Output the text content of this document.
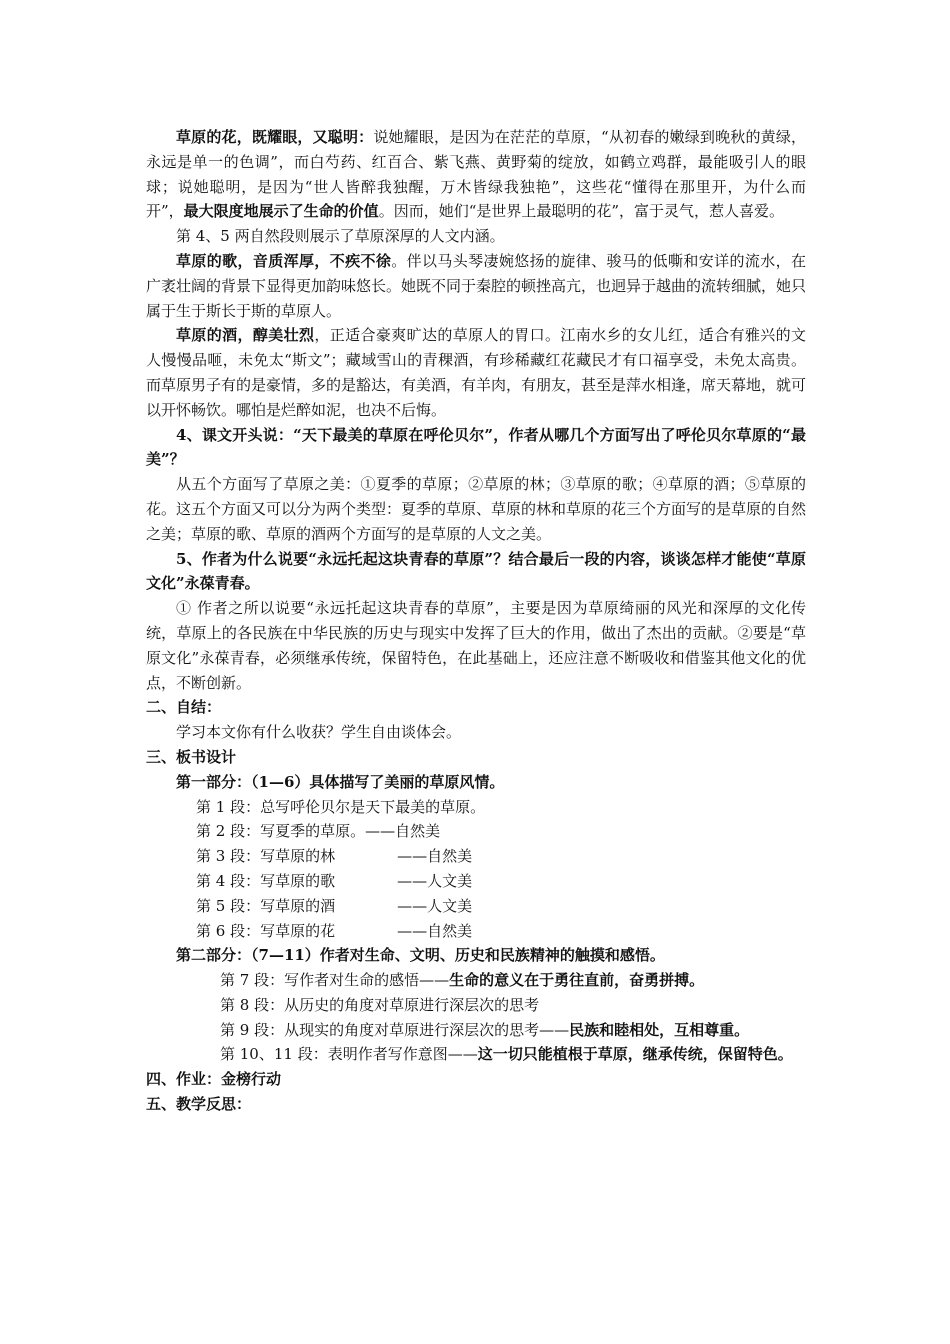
草原的花，既耀眼，又聪明：说她耀眼，是因为在茫茫的草原，“从初春的嫩绿到晚秋的黄绿，永远是单一的色调”，而白芍药、红百合、紫飞燕、黄野菊的绽放，如鹤立鸡群，最能吸引人的眼球；说她聪明，是因为“世人皆醉我独醒，万木皆绿我独艳”，这些花“懂得在那里开，为什么而开”，最大限度地展示了生命的价值。因而，她们“是世界上最聪明的花”，富于灵气，惹人喜爱。

第 4、5 两自然段则展示了草原深厚的人文内涵。

草原的歌，音质浑厚，不疾不徐。伴以马头琴凄婉悠扬的旋律、骏马的低嘶和安详的流水，在广袤壮阔的背景下显得更加韵味悠长。她既不同于秦腔的顿挫高亢，也迥异于越曲的流转细腻，她只属于生于斯长于斯的草原人。

草原的酒，醇美壮烈，正适合豪爽旷达的草原人的胃口。江南水乡的女儿红，适合有雅兴的文人慢慢品咂，未免太“斯文”；藏域雪山的青稞酒，有珍稀藏红花藏民才有口福享受，未免太高贵。而草原男子有的是豪情，多的是豁达，有美酒，有羊肉，有朋友，甚至是萍水相逢，席天幕地，就可以开怀畅饮。哪怕是烂醉如泥，也决不后悔。

4、课文开头说：“天下最美的草原在呼伦贝尔”，作者从哪几个方面写出了呼伦贝尔草原的“最美”？

从五个方面写了草原之美：①夏季的草原；②草原的林；③草原的歌；④草原的酒；⑤草原的花。这五个方面又可以分为两个类型：夏季的草原、草原的林和草原的花三个方面写的是草原的自然之美；草原的歌、草原的酒两个方面写的是草原的人文之美。

5、作者为什么说要“永远托起这块青春的草原”？结合最后一段的内容，谈谈怎样才能使“草原文化”永葆青春。

① 作者之所以说要“永远托起这块青春的草原”，主要是因为草原绮丽的风光和深厚的文化传统，草原上的各民族在中华民族的历史与现实中发挥了巨大的作用，做出了杰出的贡献。②要是“草原文化”永葆青春，必须继承传统，保留特色，在此基础上，还应注意不断吸收和借鉴其他文化的优点，不断创新。

二、自结：

学习本文你有什么收获？学生自由谈体会。

三、板书设计

第一部分：（1—6）具体描写了美丽的草原风情。

第 1 段：总写呼伦贝尔是天下最美的草原。

第 2 段：写夏季的草原。——自然美

第 3 段：写草原的林	——自然美

第 4 段：写草原的歌	——人文美

第 5 段：写草原的酒	——人文美

第 6 段：写草原的花	——自然美

第二部分：（7—11）作者对生命、文明、历史和民族精神的触摸和感悟。

第 7 段：写作者对生命的感悟——生命的意义在于勇往直前，奋勇拼搏。

第 8 段：从历史的角度对草原进行深层次的思考

第 9 段：从现实的角度对草原进行深层次的思考——民族和睦相处，互相尊重。

第 10、11 段：表明作者写作意图——这一切只能植根于草原，继承传统，保留特色。

四、作业：金榜行动

五、教学反思：
